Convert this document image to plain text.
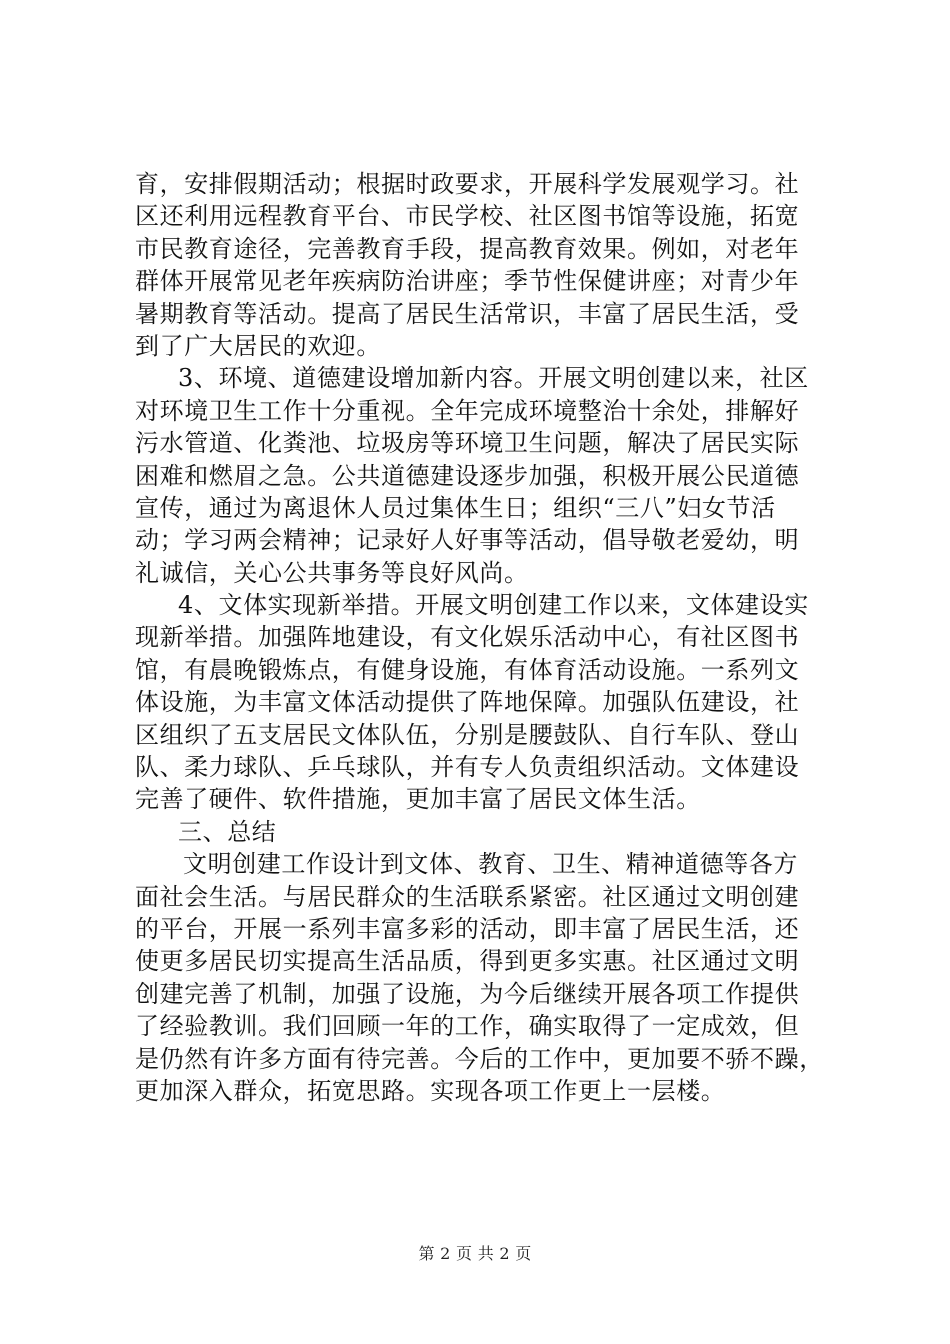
育，安排假期活动；根据时政要求，开展科学发展观学习。社
区还利用远程教育平台、市民学校、社区图书馆等设施，拓宽
市民教育途径，完善教育手段，提高教育效果。例如，对老年
群体开展常见老年疾病防治讲座；季节性保健讲座；对青少年
暑期教育等活动。提高了居民生活常识，丰富了居民生活，受
到了广大居民的欢迎。
3、环境、道德建设增加新内容。开展文明创建以来，社区
对环境卫生工作十分重视。全年完成环境整治十余处，排解好
污水管道、化粪池、垃圾房等环境卫生问题，解决了居民实际
困难和燃眉之急。公共道德建设逐步加强，积极开展公民道德
宣传，通过为离退休人员过集体生日；组织“三八”妇女节活
动；学习两会精神；记录好人好事等活动，倡导敬老爱幼，明
礼诚信，关心公共事务等良好风尚。
4、文体实现新举措。开展文明创建工作以来，文体建设实
现新举措。加强阵地建设，有文化娱乐活动中心，有社区图书
馆，有晨晚锻炼点，有健身设施，有体育活动设施。一系列文
体设施，为丰富文体活动提供了阵地保障。加强队伍建设，社
区组织了五支居民文体队伍，分别是腰鼓队、自行车队、登山
队、柔力球队、乒乓球队，并有专人负责组织活动。文体建设
完善了硬件、软件措施，更加丰富了居民文体生活。
三、总结
文明创建工作设计到文体、教育、卫生、精神道德等各方
面社会生活。与居民群众的生活联系紧密。社区通过文明创建
的平台，开展一系列丰富多彩的活动，即丰富了居民生活，还
使更多居民切实提高生活品质，得到更多实惠。社区通过文明
创建完善了机制，加强了设施，为今后继续开展各项工作提供
了经验教训。我们回顾一年的工作，确实取得了一定成效，但
是仍然有许多方面有待完善。今后的工作中，更加要不骄不躁，
更加深入群众，拓宽思路。实现各项工作更上一层楼。
第 2 页 共 2 页
